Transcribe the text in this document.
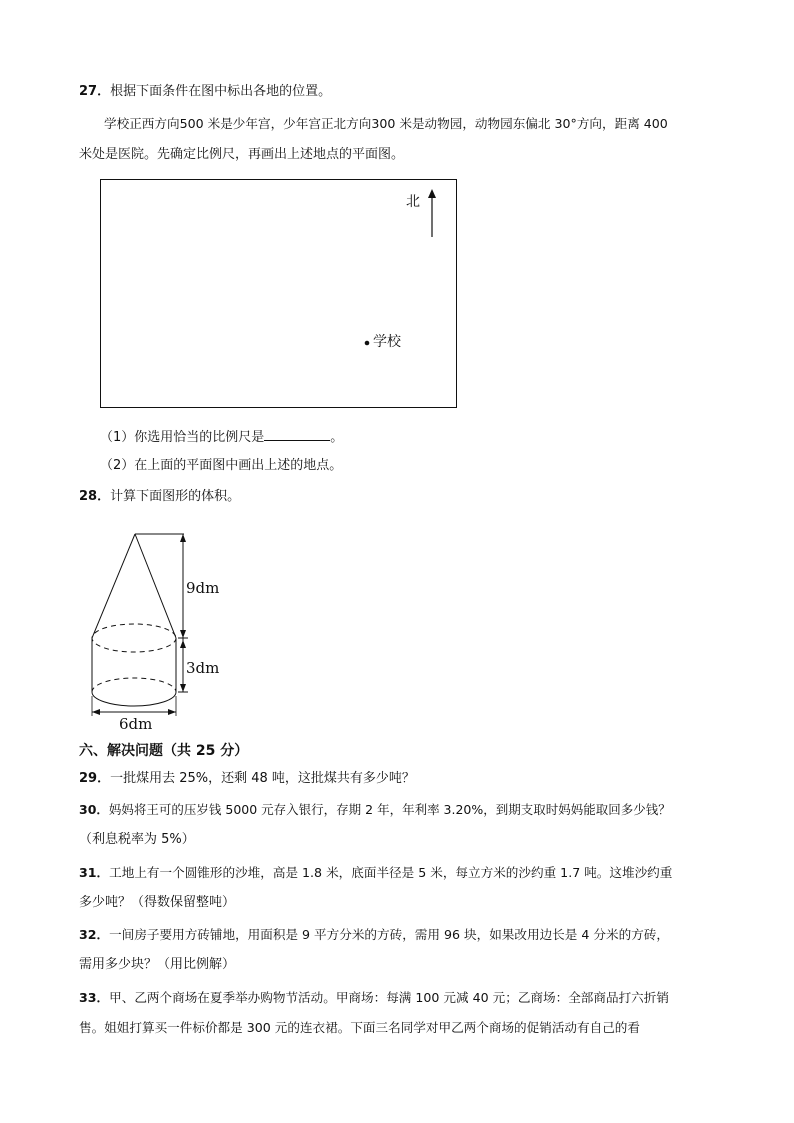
27．根据下面条件在图中标出各地的位置。
学校正西方向500 米是少年宫，少年宫正北方向300 米是动物园，动物园东偏北 30°方向，距离 400
米处是医院。先确定比例尺，再画出上述地点的平面图。
北
学校
（1）你选用恰当的比例尺是	。
（2）在上面的平面图中画出上述的地点。
28．计算下面图形的体积。
9dm
3dm
6dm
六、解决问题（共 25 分）
29．一批煤用去 25%，还剩 48 吨，这批煤共有多少吨？
30．妈妈将王可的压岁钱 5000 元存入银行，存期 2 年，年利率 3.20%，到期支取时妈妈能取回多少钱？
（利息税率为 5%）
31．工地上有一个圆锥形的沙堆，高是 1.8 米，底面半径是 5 米，每立方米的沙约重 1.7 吨。这堆沙约重
多少吨？（得数保留整吨）
32．一间房子要用方砖铺地，用面积是 9 平方分米的方砖，需用 96 块，如果改用边长是 4 分米的方砖，
需用多少块？（用比例解）
33．甲、乙两个商场在夏季举办购物节活动。甲商场：每满 100 元减 40 元；乙商场：全部商品打六折销
售。姐姐打算买一件标价都是 300 元的连衣裙。下面三名同学对甲乙两个商场的促销活动有自己的看
